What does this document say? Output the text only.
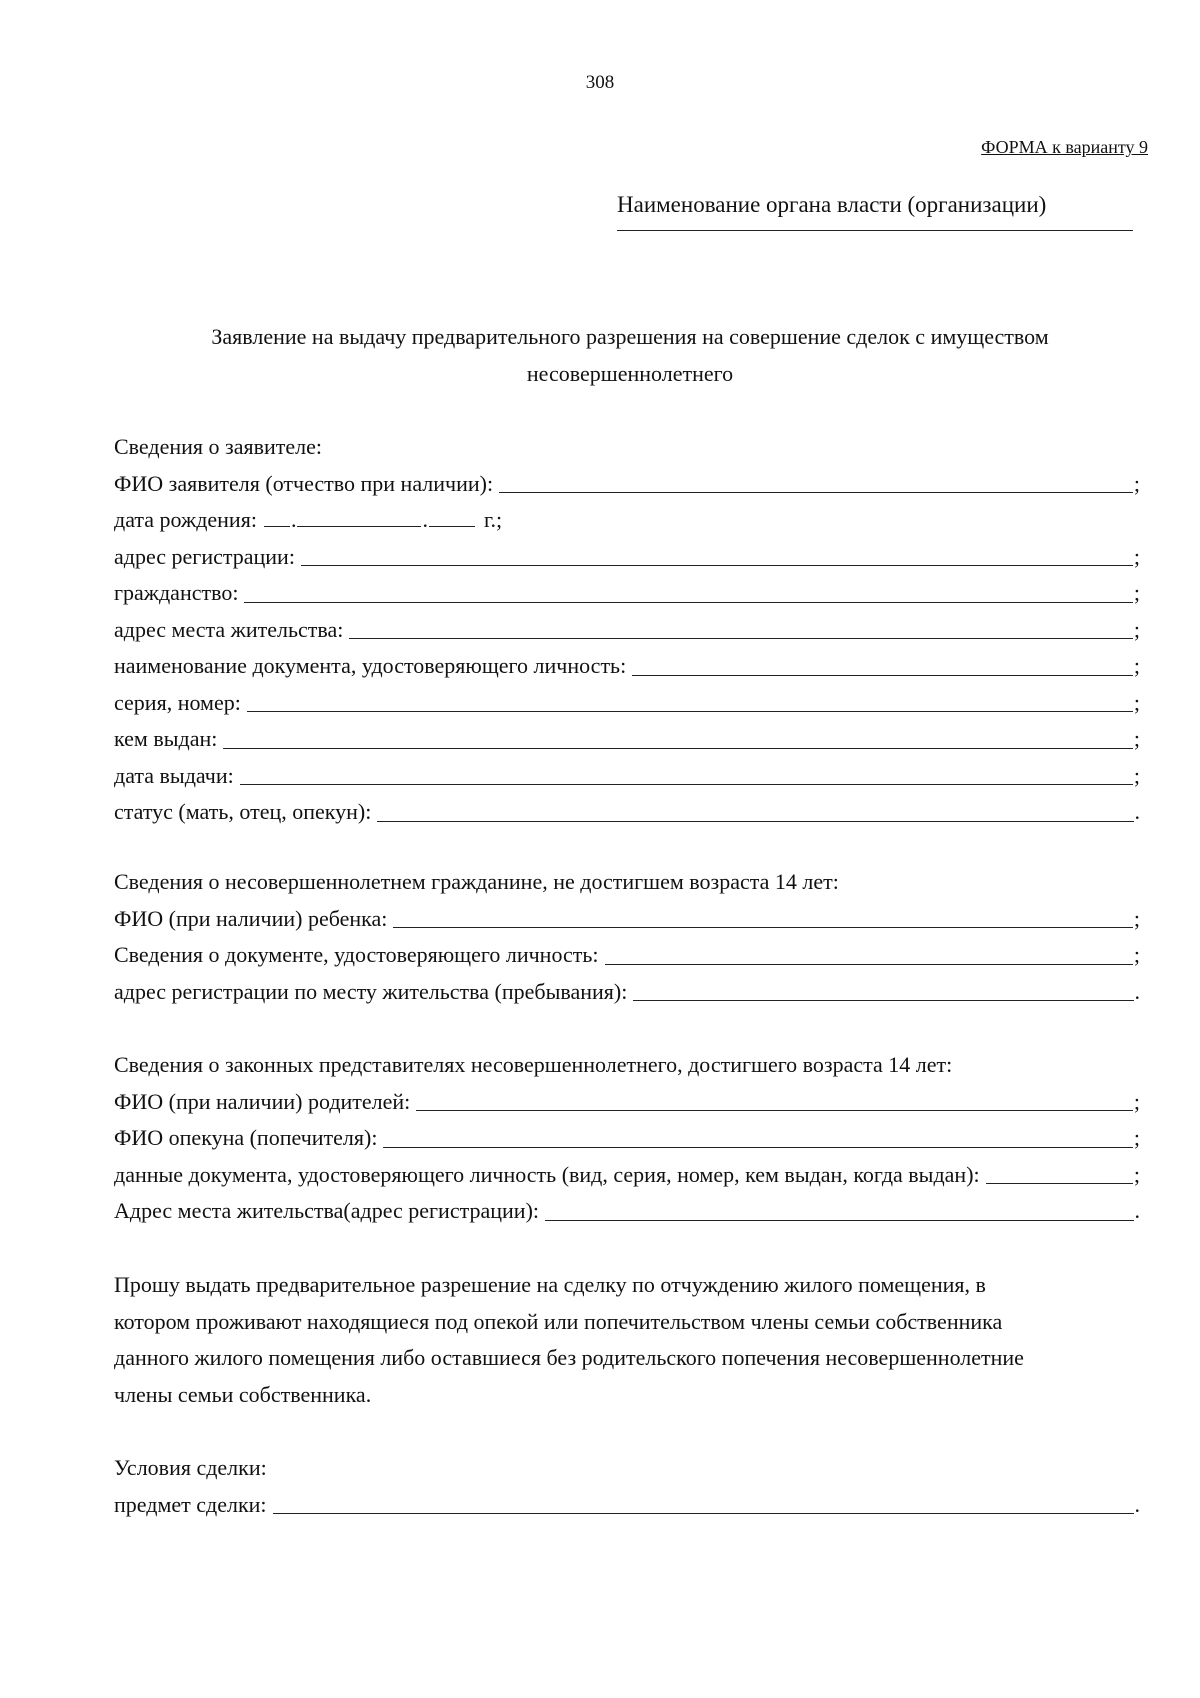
308
ФОРМА к варианту 9
Наименование органа власти (организации)
Заявление на выдачу предварительного разрешения на совершение сделок с имуществом
несовершеннолетнего
Сведения о заявителе:
ФИО заявителя (отчество при наличии):	;
дата рождения: .	.	г.;
адрес регистрации:	;
гражданство:	;
адрес места жительства:	;
наименование документа, удостоверяющего личность:	;
серия, номер:	;
кем выдан:	;
дата выдачи:	;
статус (мать, отец, опекун):	.
Сведения о несовершеннолетнем гражданине, не достигшем возраста 14 лет:
ФИО (при наличии) ребенка:	;
Сведения о документе, удостоверяющего личность:	;
адрес регистрации по месту жительства (пребывания):	.
Сведения о законных представителях несовершеннолетнего, достигшего возраста 14 лет:
ФИО (при наличии) родителей:	;
ФИО опекуна (попечителя):	;
данные документа, удостоверяющего личность (вид, серия, номер, кем выдан, когда выдан):	;
Адрес места жительства(адрес регистрации):	.
Прошу выдать предварительное разрешение на сделку по отчуждению жилого помещения, в
котором проживают находящиеся под опекой или попечительством члены семьи собственника
данного жилого помещения либо оставшиеся без родительского попечения несовершеннолетние
члены семьи собственника.
Условия сделки:
предмет сделки:	.
